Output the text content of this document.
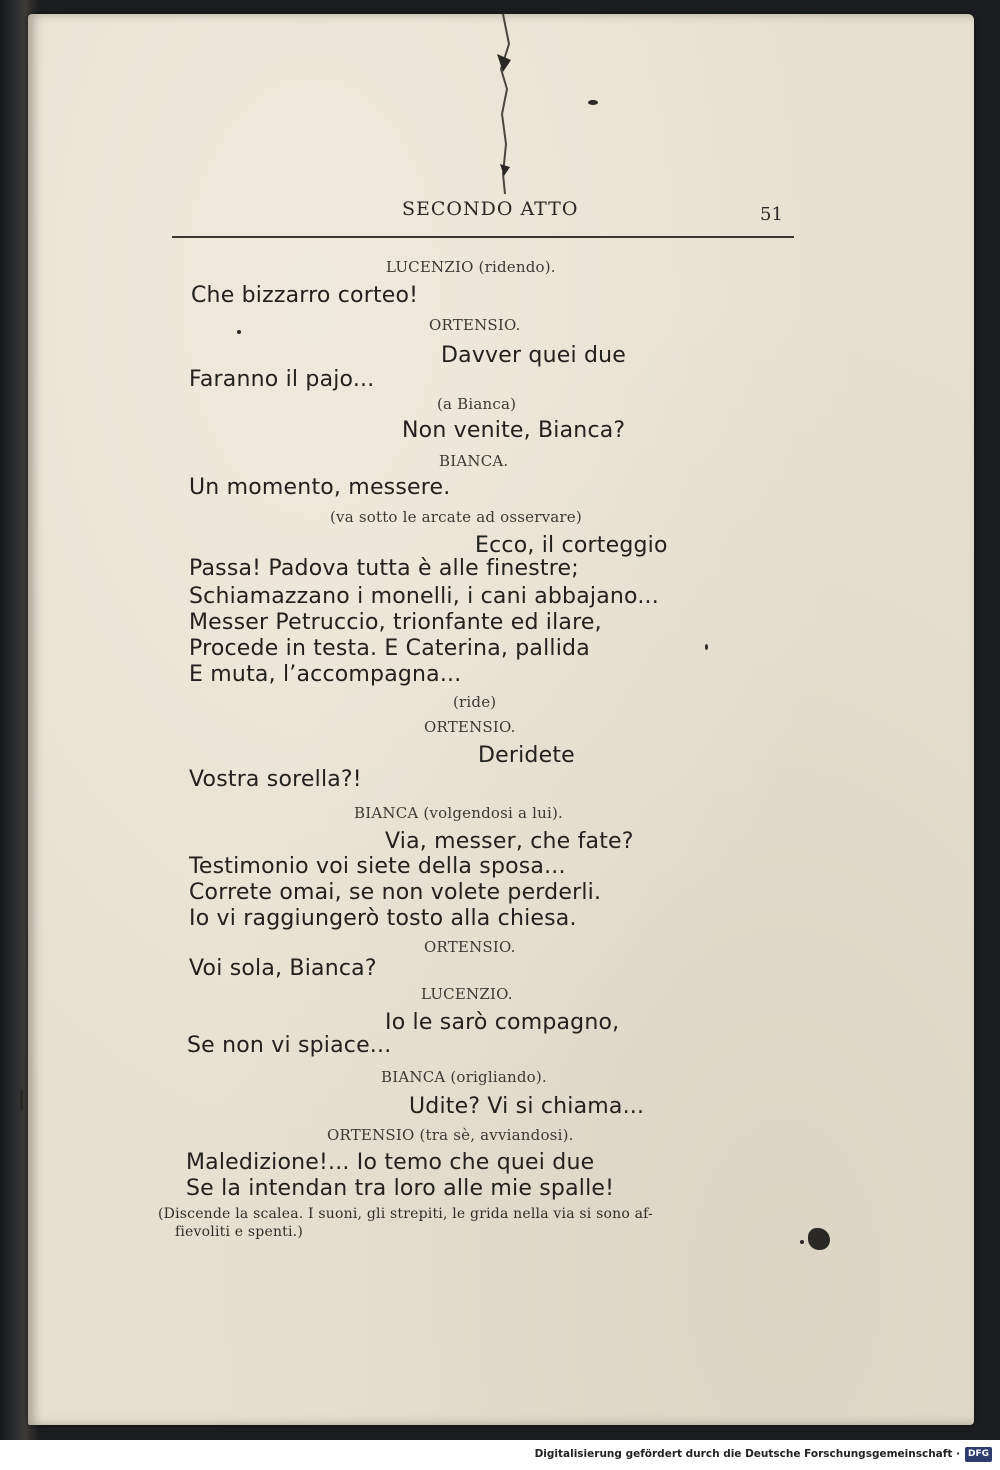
SECONDO ATTO	51
LUCENZIO (ridendo).
Che bizzarro corteo!
ORTENSIO.
Davver quei due
Faranno il pajo...
(a Bianca)
Non venite, Bianca?
BIANCA.
Un momento, messere.
(va sotto le arcate ad osservare)
Ecco, il corteggio
Passa! Padova tutta è alle finestre;
Schiamazzano i monelli, i cani abbajano...
Messer Petruccio, trionfante ed ilare,
Procede in testa. E Caterina, pallida
E muta, l’accompagna...
(ride)
ORTENSIO.
Deridete
Vostra sorella?!
BIANCA (volgendosi a lui).
Via, messer, che fate?
Testimonio voi siete della sposa...
Correte omai, se non volete perderli.
Io vi raggiungerò tosto alla chiesa.
ORTENSIO.
Voi sola, Bianca?
LUCENZIO.
Io le sarò compagno,
Se non vi spiace...
BIANCA (origliando).
Udite? Vi si chiama...
ORTENSIO (tra sè, avviandosi).
Maledizione!... Io temo che quei due
Se la intendan tra loro alle mie spalle!
(Discende la scalea. I suoni, gli strepiti, le grida nella via si sono af-
fievoliti e spenti.)
Digitalisierung gefördert durch die Deutsche Forschungsgemeinschaft · DFG
